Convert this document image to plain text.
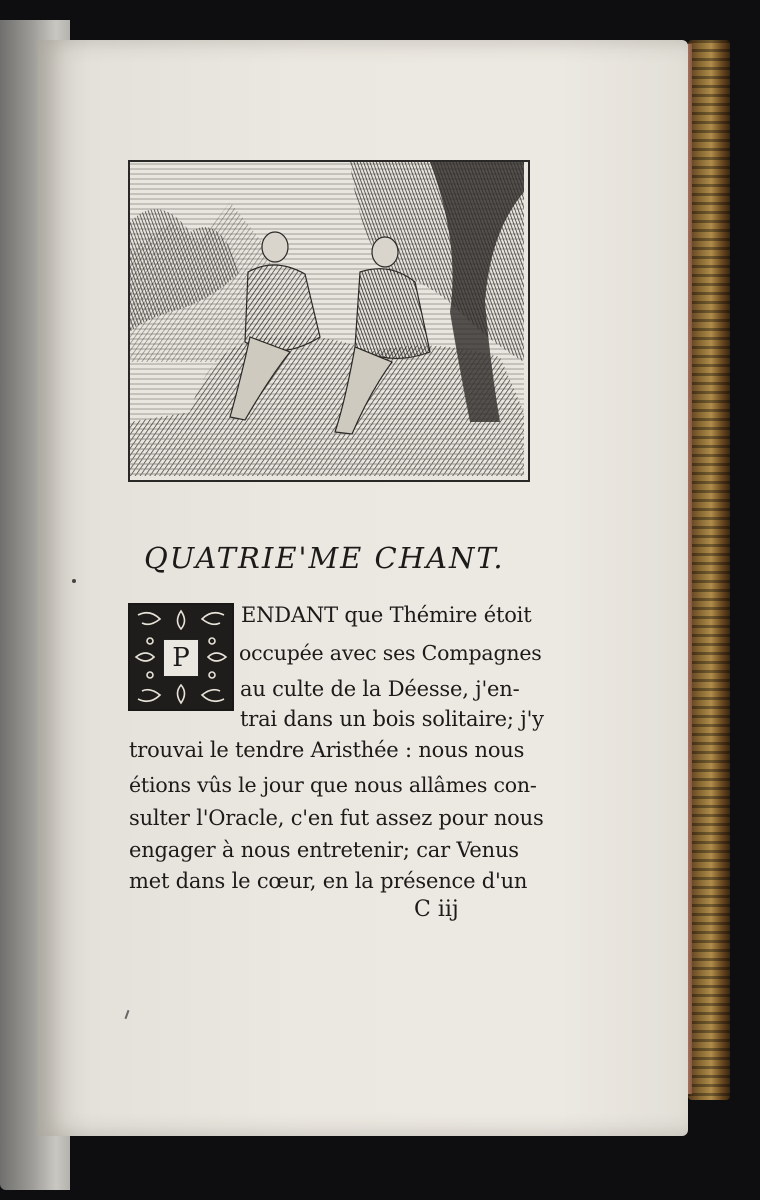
QUATRIE'ME CHANT.
P
ENDANT que Thémire étoit
occupée avec ses Compagnes
au culte de la Déesse, j'en-
trai dans un bois solitaire; j'y
trouvai le tendre Aristhée : nous nous
étions vûs le jour que nous allâmes con-
sulter l'Oracle, c'en fut assez pour nous
engager à nous entretenir; car Venus
met dans le cœur, en la présence d'un
C iij
